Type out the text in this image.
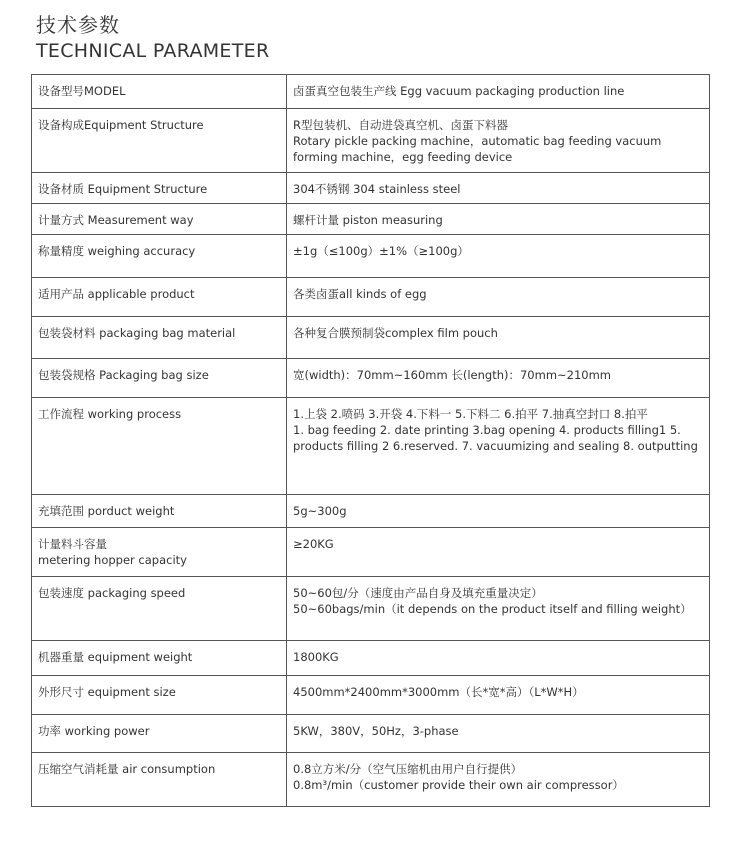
技术参数
TECHNICAL PARAMETER
设备型号MODEL	卤蛋真空包装生产线 Egg vacuum packaging production line
设备构成Equipment Structure	R型包装机、自动进袋真空机、卤蛋下料器
Rotary pickle packing machine，automatic bag feeding vacuum forming machine，egg feeding device
设备材质 Equipment Structure	304不锈钢 304 stainless steel
计量方式 Measurement way	螺杆计量 piston measuring
称量精度 weighing accuracy	±1g（≤100g）±1%（≥100g）
适用产品 applicable product	各类卤蛋all kinds of egg
包装袋材料 packaging bag material	各种复合膜预制袋complex film pouch
包装袋规格 Packaging bag size	宽(width)：70mm~160mm 长(length)：70mm~210mm
工作流程 working process	1.上袋 2.喷码 3.开袋 4.下料一 5.下料二 6.拍平 7.抽真空封口 8.拍平
1. bag feeding 2. date printing 3.bag opening 4. products filling1 5. products filling 2 6.reserved. 7. vacuumizing and sealing 8. outputting
充填范围 porduct weight	5g~300g
计量料斗容量
metering hopper capacity	≥20KG
包装速度 packaging speed	50~60包/分（速度由产品自身及填充重量决定）
50~60bags/min（it depends on the product itself and filling weight）
机器重量 equipment weight	1800KG
外形尺寸 equipment size	4500mm*2400mm*3000mm（长*宽*高）（L*W*H）
功率 working power	5KW，380V，50Hz，3-phase
压缩空气消耗量 air consumption	0.8立方米/分（空气压缩机由用户自行提供）
0.8m³/min（customer provide their own air compressor）
